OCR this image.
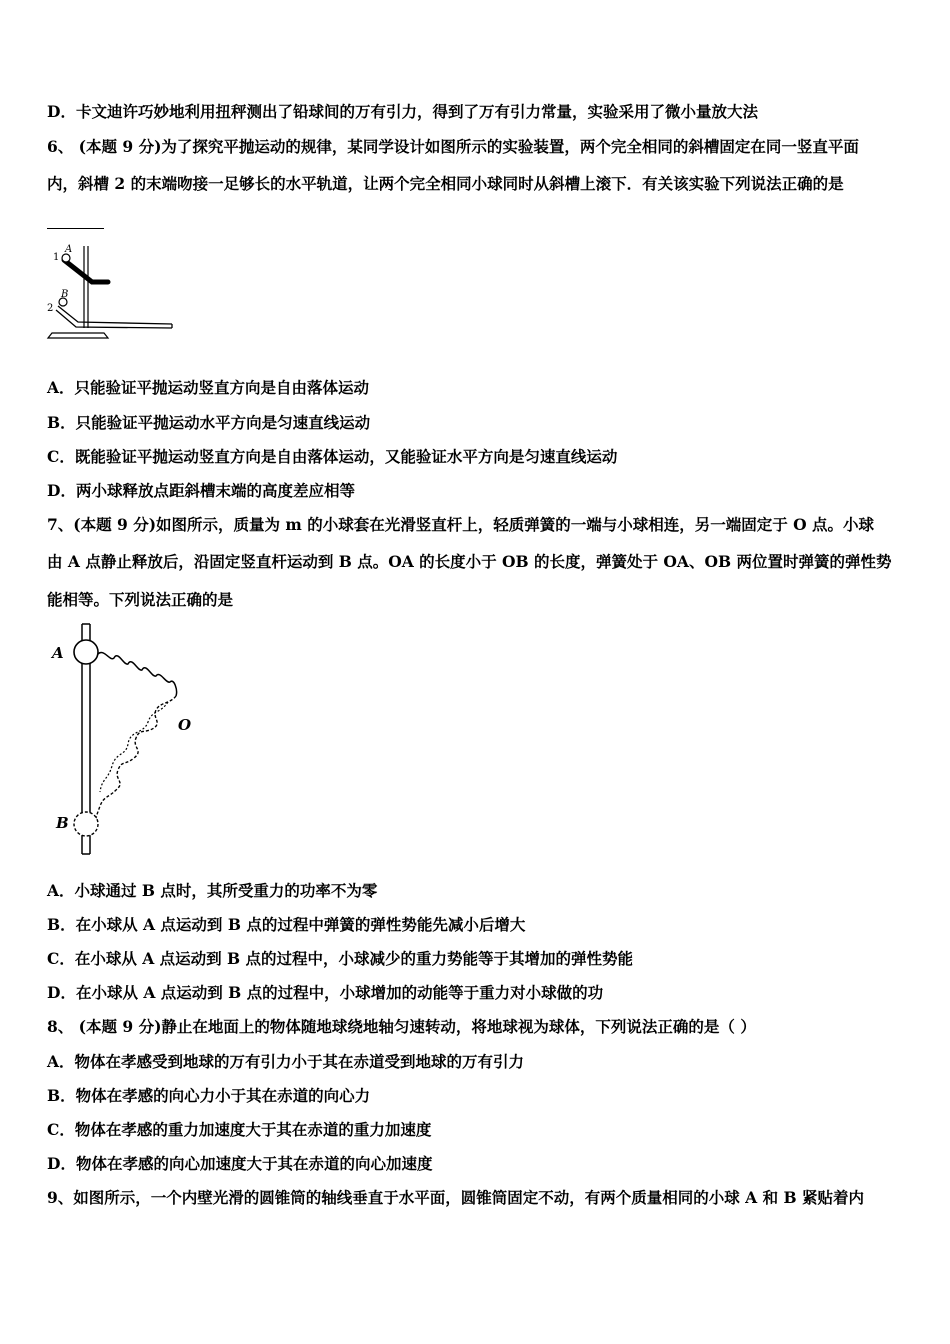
D．卡文迪许巧妙地利用扭秤测出了铅球间的万有引力，得到了万有引力常量，实验采用了微小量放大法
6、 (本题 9 分)为了探究平抛运动的规律，某同学设计如图所示的实验装置，两个完全相同的斜槽固定在同一竖直平面
内，斜槽 2 的末端吻接一足够长的水平轨道，让两个完全相同小球同时从斜槽上滚下．有关该实验下列说法正确的是
1
A
2
B
A．只能验证平抛运动竖直方向是自由落体运动
B．只能验证平抛运动水平方向是匀速直线运动
C．既能验证平抛运动竖直方向是自由落体运动，又能验证水平方向是匀速直线运动
D．两小球释放点距斜槽末端的高度差应相等
7、(本题 9 分)如图所示，质量为 m 的小球套在光滑竖直杆上，轻质弹簧的一端与小球相连，另一端固定于 O 点。小球
由 A 点静止释放后，沿固定竖直杆运动到 B 点。OA 的长度小于 OB 的长度，弹簧处于 OA、OB 两位置时弹簧的弹性势
能相等。下列说法正确的是
A
B
O
A．小球通过 B 点时，其所受重力的功率不为零
B．在小球从 A 点运动到 B 点的过程中弹簧的弹性势能先减小后增大
C．在小球从 A 点运动到 B 点的过程中，小球减少的重力势能等于其增加的弹性势能
D．在小球从 A 点运动到 B 点的过程中，小球增加的动能等于重力对小球做的功
8、 (本题 9 分)静止在地面上的物体随地球绕地轴匀速转动，将地球视为球体，下列说法正确的是（ ）
A．物体在孝感受到地球的万有引力小于其在赤道受到地球的万有引力
B．物体在孝感的向心力小于其在赤道的向心力
C．物体在孝感的重力加速度大于其在赤道的重力加速度
D．物体在孝感的向心加速度大于其在赤道的向心加速度
9、如图所示，一个内壁光滑的圆锥筒的轴线垂直于水平面，圆锥筒固定不动，有两个质量相同的小球 A 和 B 紧贴着内
